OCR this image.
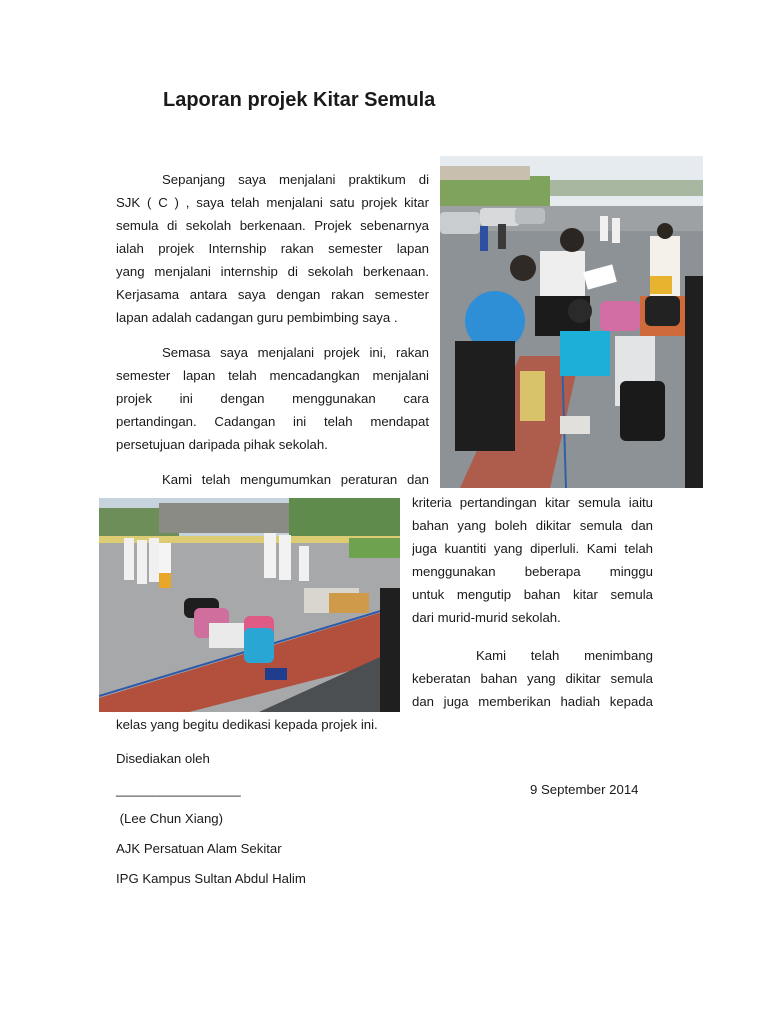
Laporan projek Kitar Semula
Sepanjang saya menjalani praktikum di
SJK ( C ) , saya telah menjalani satu projek kitar
semula di sekolah berkenaan. Projek sebenarnya
ialah projek Internship rakan semester lapan
yang menjalani internship di sekolah berkenaan.
Kerjasama antara saya dengan rakan semester
lapan adalah cadangan guru pembimbing saya .
Semasa saya menjalani projek ini, rakan
semester lapan telah mencadangkan menjalani
projek ini dengan menggunakan cara
pertandingan. Cadangan ini telah mendapat
persetujuan daripada pihak sekolah.
Kami telah mengumumkan peraturan dan
kriteria pertandingan kitar semula iaitu
bahan yang boleh dikitar semula dan
juga kuantiti yang diperluli. Kami telah
menggunakan beberapa minggu
untuk mengutip bahan kitar semula
dari murid-murid sekolah.
Kami telah menimbang
keberatan bahan yang dikitar semula
dan juga memberikan hadiah kepada
kelas yang begitu dedikasi kepada projek ini.
Disediakan oleh
_________________	9 September 2014
(Lee Chun Xiang)
AJK Persatuan Alam Sekitar
IPG Kampus Sultan Abdul Halim
